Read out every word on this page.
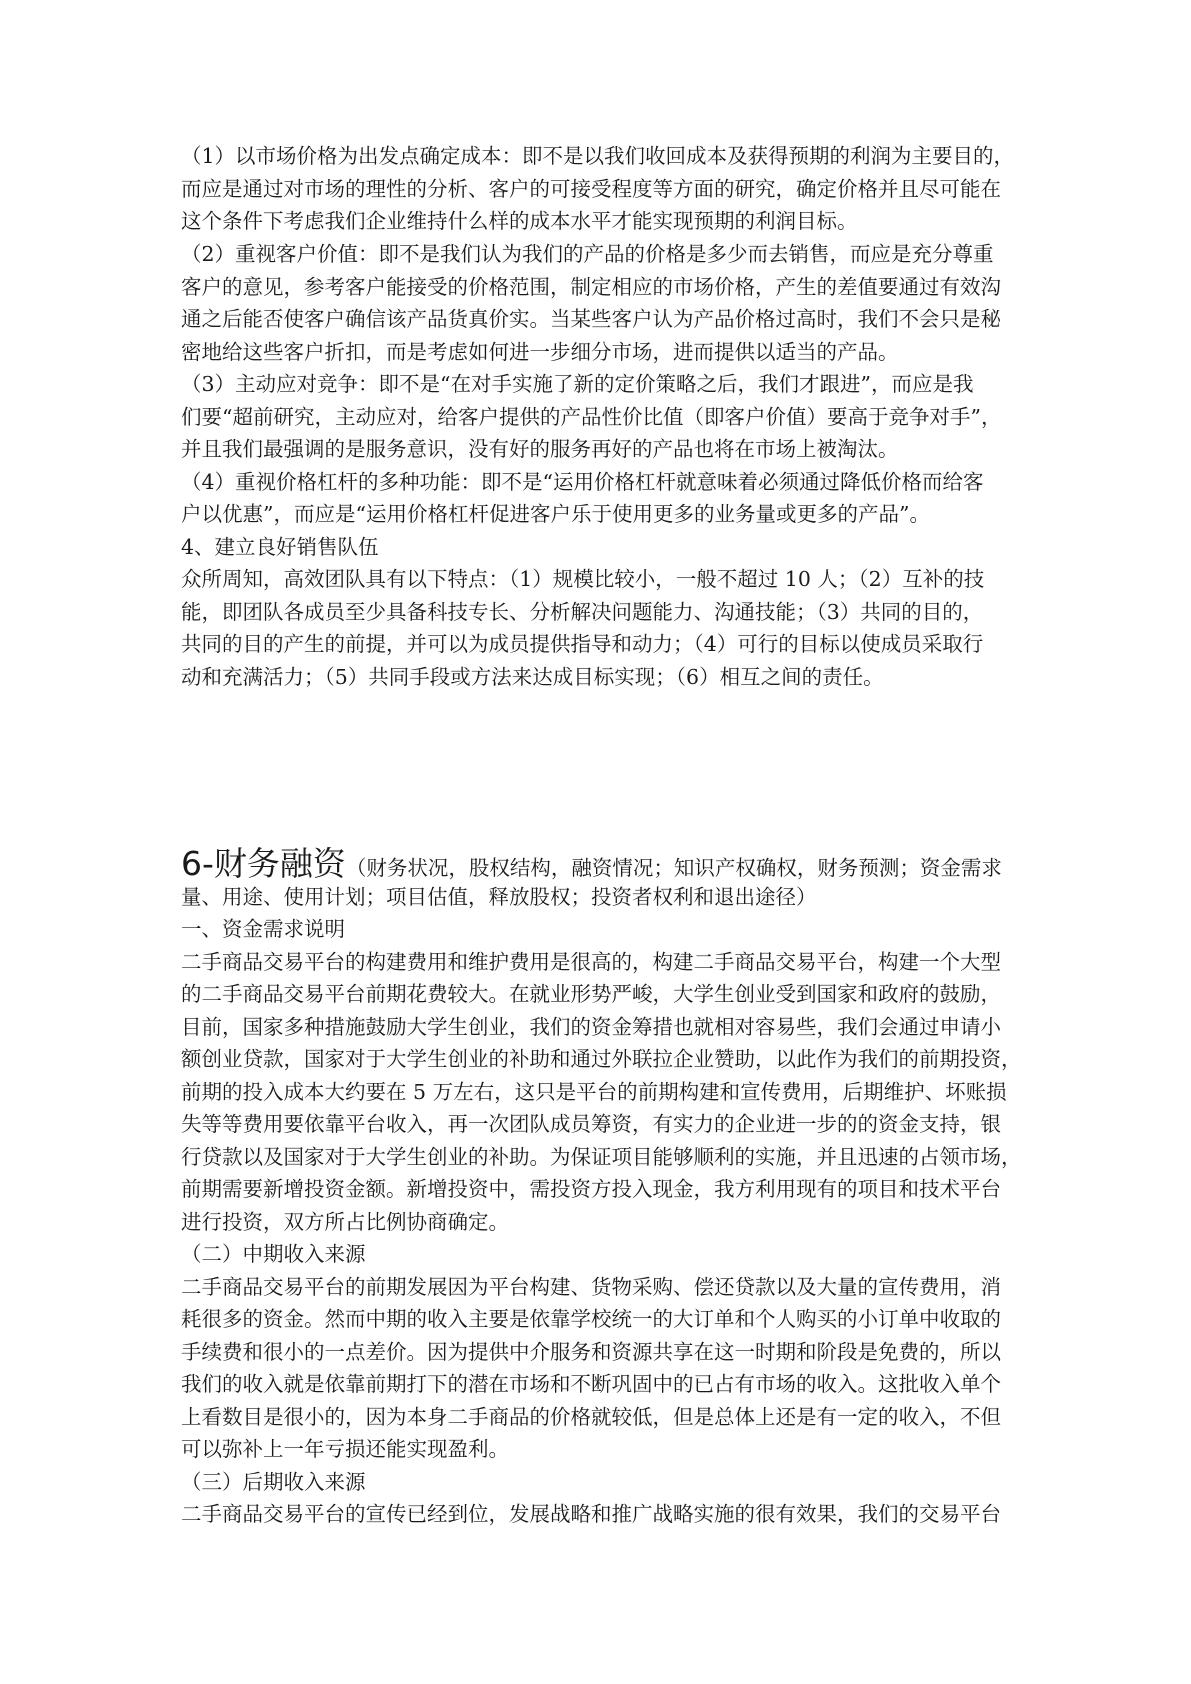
（1）以市场价格为出发点确定成本：即不是以我们收回成本及获得预期的利润为主要目的，
而应是通过对市场的理性的分析、客户的可接受程度等方面的研究，确定价格并且尽可能在
这个条件下考虑我们企业维持什么样的成本水平才能实现预期的利润目标。
（2）重视客户价值：即不是我们认为我们的产品的价格是多少而去销售，而应是充分尊重
客户的意见，参考客户能接受的价格范围，制定相应的市场价格，产生的差值要通过有效沟
通之后能否使客户确信该产品货真价实。当某些客户认为产品价格过高时，我们不会只是秘
密地给这些客户折扣，而是考虑如何进一步细分市场，进而提供以适当的产品。
（3）主动应对竞争：即不是“在对手实施了新的定价策略之后，我们才跟进”，而应是我
们要“超前研究，主动应对，给客户提供的产品性价比值（即客户价值）要高于竞争对手”，
并且我们最强调的是服务意识，没有好的服务再好的产品也将在市场上被淘汰。
（4）重视价格杠杆的多种功能：即不是“运用价格杠杆就意味着必须通过降低价格而给客
户以优惠”，而应是“运用价格杠杆促进客户乐于使用更多的业务量或更多的产品”。
4、建立良好销售队伍
众所周知，高效团队具有以下特点：（1）规模比较小，一般不超过 10 人；（2）互补的技
能，即团队各成员至少具备科技专长、分析解决问题能力、沟通技能；（3）共同的目的，
共同的目的产生的前提，并可以为成员提供指导和动力；（4）可行的目标以使成员采取行
动和充满活力；（5）共同手段或方法来达成目标实现；（6）相互之间的责任。
6-财务融资（财务状况，股权结构，融资情况；知识产权确权，财务预测；资金需求
量、用途、使用计划；项目估值，释放股权；投资者权利和退出途径）
一、资金需求说明
二手商品交易平台的构建费用和维护费用是很高的，构建二手商品交易平台，构建一个大型
的二手商品交易平台前期花费较大。在就业形势严峻，大学生创业受到国家和政府的鼓励，
目前，国家多种措施鼓励大学生创业，我们的资金筹措也就相对容易些，我们会通过申请小
额创业贷款，国家对于大学生创业的补助和通过外联拉企业赞助，以此作为我们的前期投资，
前期的投入成本大约要在 5 万左右，这只是平台的前期构建和宣传费用，后期维护、坏账损
失等等费用要依靠平台收入，再一次团队成员筹资，有实力的企业进一步的的资金支持，银
行贷款以及国家对于大学生创业的补助。为保证项目能够顺利的实施，并且迅速的占领市场，
前期需要新增投资金额。新增投资中，需投资方投入现金，我方利用现有的项目和技术平台
进行投资，双方所占比例协商确定。
（二）中期收入来源
二手商品交易平台的前期发展因为平台构建、货物采购、偿还贷款以及大量的宣传费用，消
耗很多的资金。然而中期的收入主要是依靠学校统一的大订单和个人购买的小订单中收取的
手续费和很小的一点差价。因为提供中介服务和资源共享在这一时期和阶段是免费的，所以
我们的收入就是依靠前期打下的潜在市场和不断巩固中的已占有市场的收入。这批收入单个
上看数目是很小的，因为本身二手商品的价格就较低，但是总体上还是有一定的收入，不但
可以弥补上一年亏损还能实现盈利。
（三）后期收入来源
二手商品交易平台的宣传已经到位，发展战略和推广战略实施的很有效果，我们的交易平台
